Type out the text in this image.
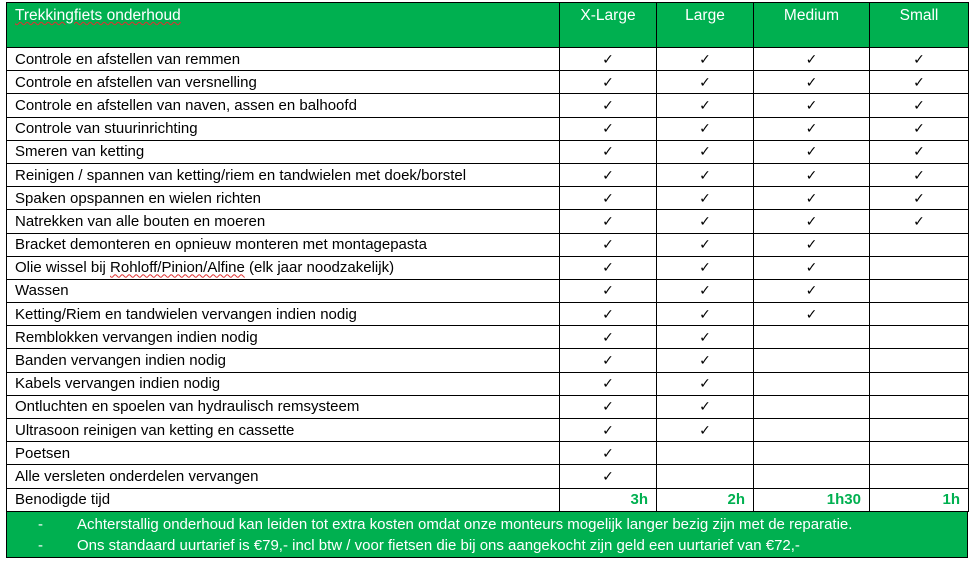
Trekkingfiets onderhoud	X-Large	Large	Medium	Small
Controle en afstellen van remmen	✓	✓	✓	✓
Controle en afstellen van versnelling	✓	✓	✓	✓
Controle en afstellen van naven, assen en balhoofd	✓	✓	✓	✓
Controle van stuurinrichting	✓	✓	✓	✓
Smeren van ketting	✓	✓	✓	✓
Reinigen / spannen van ketting/riem en tandwielen met doek/borstel	✓	✓	✓	✓
Spaken opspannen en wielen richten	✓	✓	✓	✓
Natrekken van alle bouten en moeren	✓	✓	✓	✓
Bracket demonteren en opnieuw monteren met montagepasta	✓	✓	✓	
Olie wissel bij Rohloff/Pinion/Alfine (elk jaar noodzakelijk)	✓	✓	✓	
Wassen	✓	✓	✓	
Ketting/Riem en tandwielen vervangen indien nodig	✓	✓	✓	
Remblokken vervangen indien nodig	✓	✓		
Banden vervangen indien nodig	✓	✓		
Kabels vervangen indien nodig	✓	✓		
Ontluchten en spoelen van hydraulisch remsysteem	✓	✓		
Ultrasoon reinigen van ketting en cassette	✓	✓		
Poetsen	✓			
Alle versleten onderdelen vervangen	✓			
Benodigde tijd	3h	2h	1h30	1h
-	Achterstallig onderhoud kan leiden tot extra kosten omdat onze monteurs mogelijk langer bezig zijn met de reparatie.
-	Ons standaard uurtarief is €79,- incl btw / voor fietsen die bij ons aangekocht zijn geld een uurtarief van €72,-
